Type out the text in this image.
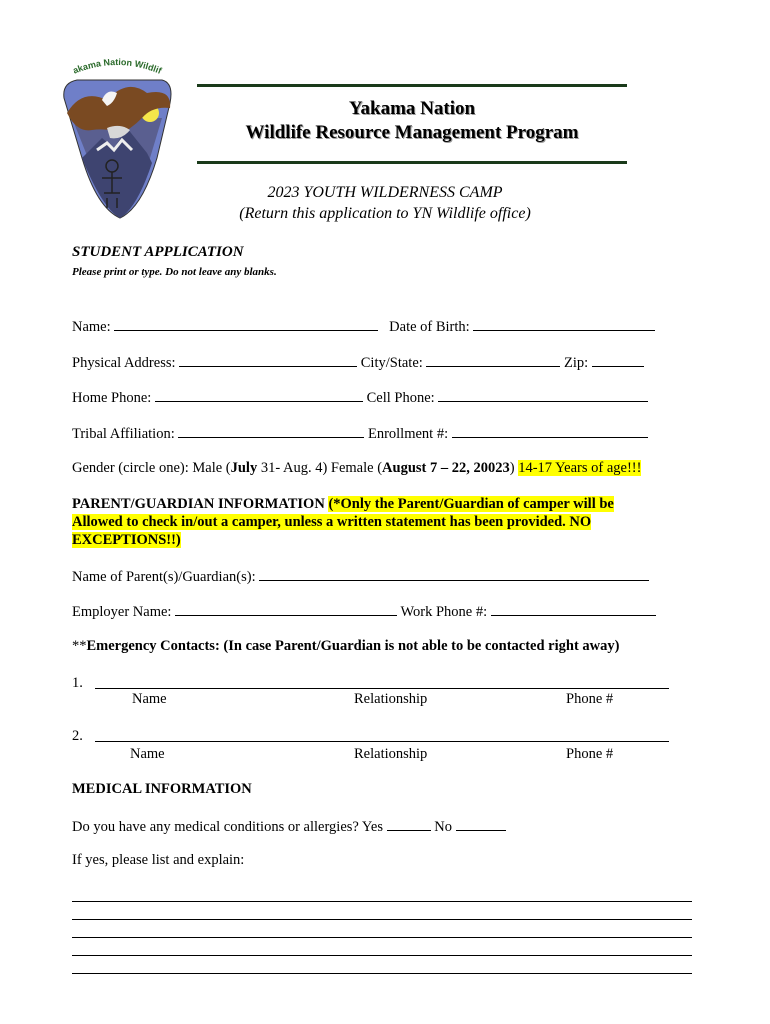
akama Nation Wildlif
Yakama Nation
Wildlife Resource Management Program
2023 YOUTH WILDERNESS CAMP
(Return this application to YN Wildlife office)
STUDENT APPLICATION
Please print or type. Do not leave any blanks.
Name:	Date of Birth:
Physical Address:	City/State:	Zip:
Home Phone:	Cell Phone:
Tribal Affiliation:	Enrollment #:
Gender (circle one): Male (July 31- Aug. 4) Female (August 7 – 22, 20023) 14-17 Years of age!!!
PARENT/GUARDIAN INFORMATION (*Only the Parent/Guardian of camper will be
Allowed to check in/out a camper, unless a written statement has been provided. NO
EXCEPTIONS!!)
Name of Parent(s)/Guardian(s):
Employer Name:	Work Phone #:
**Emergency Contacts: (In case Parent/Guardian is not able to be contacted right away)
1.
Name	Relationship	Phone #
2.
Name	Relationship	Phone #
MEDICAL INFORMATION
Do you have any medical conditions or allergies? Yes	No
If yes, please list and explain:
